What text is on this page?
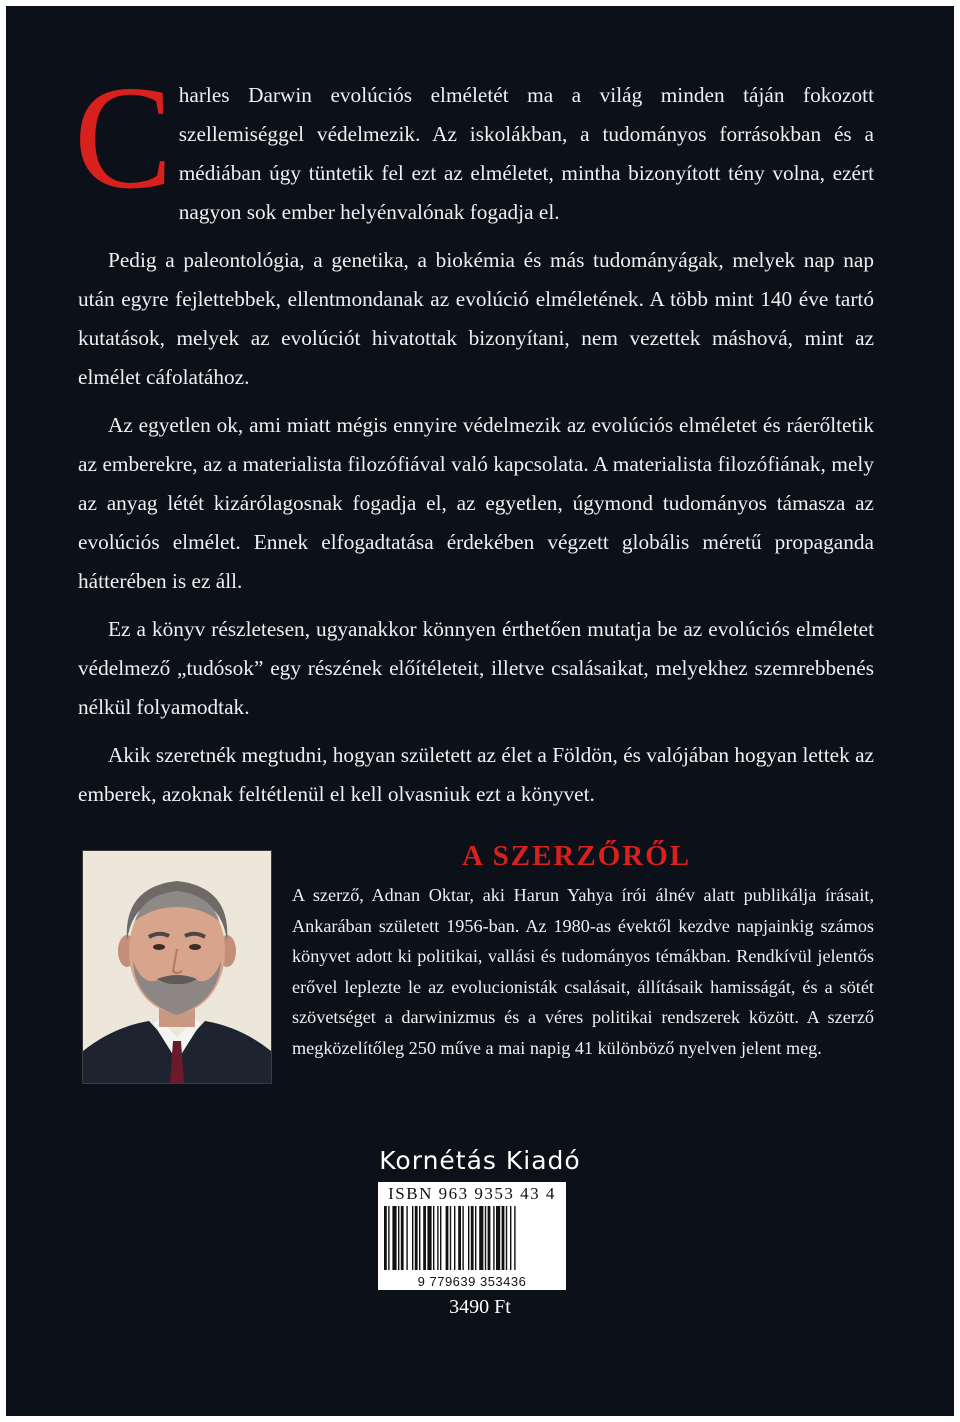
Charles Darwin evolúciós elméletét ma a világ minden táján fokozott szellemiséggel védelmezik. Az iskolákban, a tudományos forrásokban és a médiában úgy tüntetik fel ezt az elméletet, mintha bizonyított tény volna, ezért nagyon sok ember helyénvalónak fogadja el.

Pedig a paleontológia, a genetika, a biokémia és más tudományágak, melyek nap nap után egyre fejlettebbek, ellentmondanak az evolúció elméletének. A több mint 140 éve tartó kutatások, melyek az evolúciót hivatottak bizonyítani, nem vezettek máshová, mint az elmélet cáfolatához.

Az egyetlen ok, ami miatt mégis ennyire védelmezik az evolúciós elméletet és ráerőltetik az emberekre, az a materialista filozófiával való kapcsolata. A materialista filozófiának, mely az anyag létét kizárólagosnak fogadja el, az egyetlen, úgymond tudományos támasza az evolúciós elmélet. Ennek elfogadtatása érdekében végzett globális méretű propaganda hátterében is ez áll.

Ez a könyv részletesen, ugyanakkor könnyen érthetően mutatja be az evolúciós elméletet védelmező „tudósok” egy részének előítéleteit, illetve csalásaikat, melyekhez szemrebbenés nélkül folyamodtak.

Akik szeretnék megtudni, hogyan született az élet a Földön, és valójában hogyan lettek az emberek, azoknak feltétlenül el kell olvasniuk ezt a könyvet.

A SZERZŐRŐL

A szerző, Adnan Oktar, aki Harun Yahya írói álnév alatt publikálja írásait, Ankarában született 1956-ban. Az 1980-as évektől kezdve napjainkig számos könyvet adott ki politikai, vallási és tudományos témákban. Rendkívül jelentős erővel leplezte le az evolucionisták csalásait, állításaik hamisságát, és a sötét szövetséget a darwinizmus és a véres politikai rendszerek között. A szerző megközelítőleg 250 műve a mai napig 41 különböző nyelven jelent meg.

Kornétás Kiadó
ISBN 963 9353 43 4
9 779639 353436
3490 Ft
